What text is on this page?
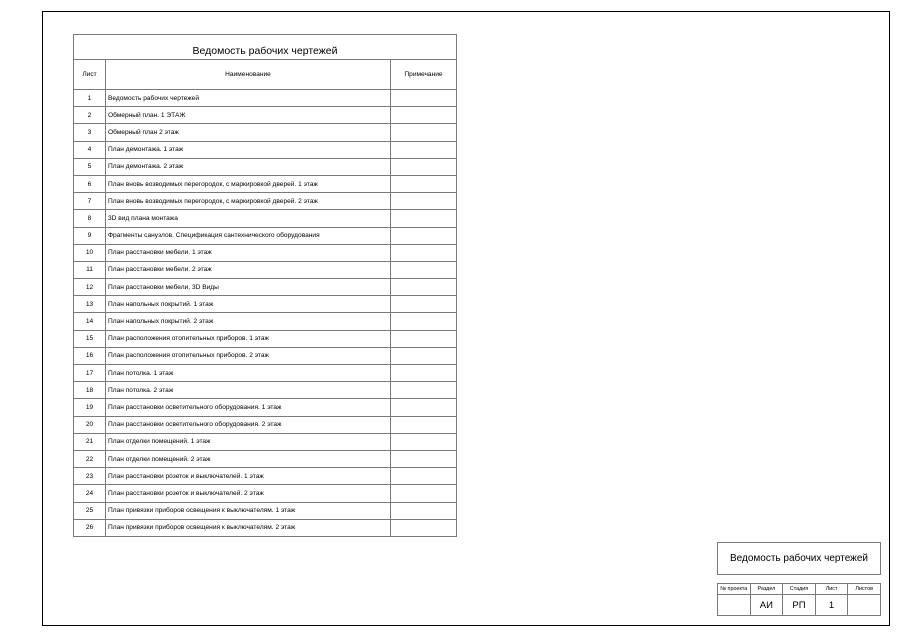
Ведомость рабочих чертежей		
Лист	Наименование	Примечание
1	Ведомость рабочих чертежей	
2	Обмерный план. 1 ЭТАЖ	
3	Обмерный план 2 этаж	
4	План демонтажа. 1 этаж	
5	План демонтажа. 2 этаж	
6	План вновь возводимых перегородок, с маркировкой дверей. 1 этаж	
7	План вновь возводимых перегородок, с маркировкой дверей. 2 этаж	
8	3D вид плана монтажа	
9	Фрагменты санузлов. Спецификация сантехнического оборудования	
10	План расстановки мебели. 1 этаж	
11	План расстановки мебели. 2 этаж	
12	План расстановки мебели, 3D Виды	
13	План напольных покрытий. 1 этаж	
14	План напольных покрытий. 2 этаж	
15	План расположения отопительных приборов. 1 этаж	
16	План расположения отопительных приборов. 2 этаж	
17	План потолка. 1 этаж	
18	План потолка. 2 этаж	
19	План расстановки осветительного оборудования. 1 этаж	
20	План расстановки осветительного оборудования. 2 этаж	
21	План отделки помещений. 1 этаж	
22	План отделки помещений. 2 этаж	
23	План расстановки розеток и выключателей. 1 этаж	
24	План расстановки розеток и выключателей. 2 этаж	
25	План привязки приборов освещения к выключателям. 1 этаж	
26	План привязки приборов освещения к выключателям. 2 этаж	
Ведомость рабочих чертежей
№ проекта	Раздел	Стадия	Лист	Листов
	АИ	РП	1	
